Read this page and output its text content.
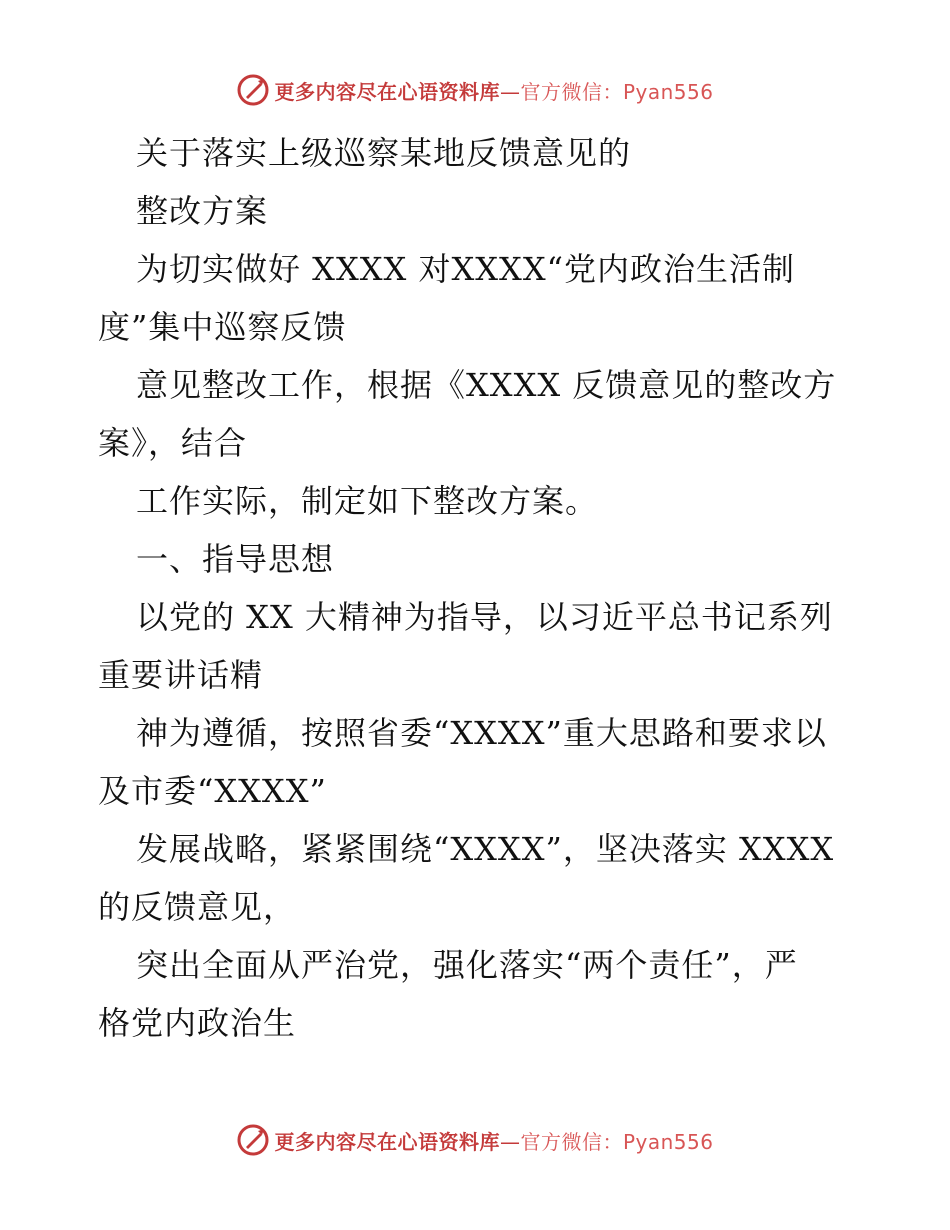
更多内容尽在心语资料库—官方微信：Pyan556

关于落实上级巡察某地反馈意见的

整改方案

为切实做好 XXXX 对XXXX“党内政治生活制

度”集中巡察反馈

意见整改工作，根据《XXXX 反馈意见的整改方

案》，结合

工作实际，制定如下整改方案。

一、指导思想

以党的 XX 大精神为指导，以习近平总书记系列

重要讲话精

神为遵循，按照省委“XXXX”重大思路和要求以

及市委“XXXX”

发展战略，紧紧围绕“XXXX”，坚决落实 XXXX

的反馈意见，

突出全面从严治党，强化落实“两个责任”，严

格党内政治生

更多内容尽在心语资料库—官方微信：Pyan556
